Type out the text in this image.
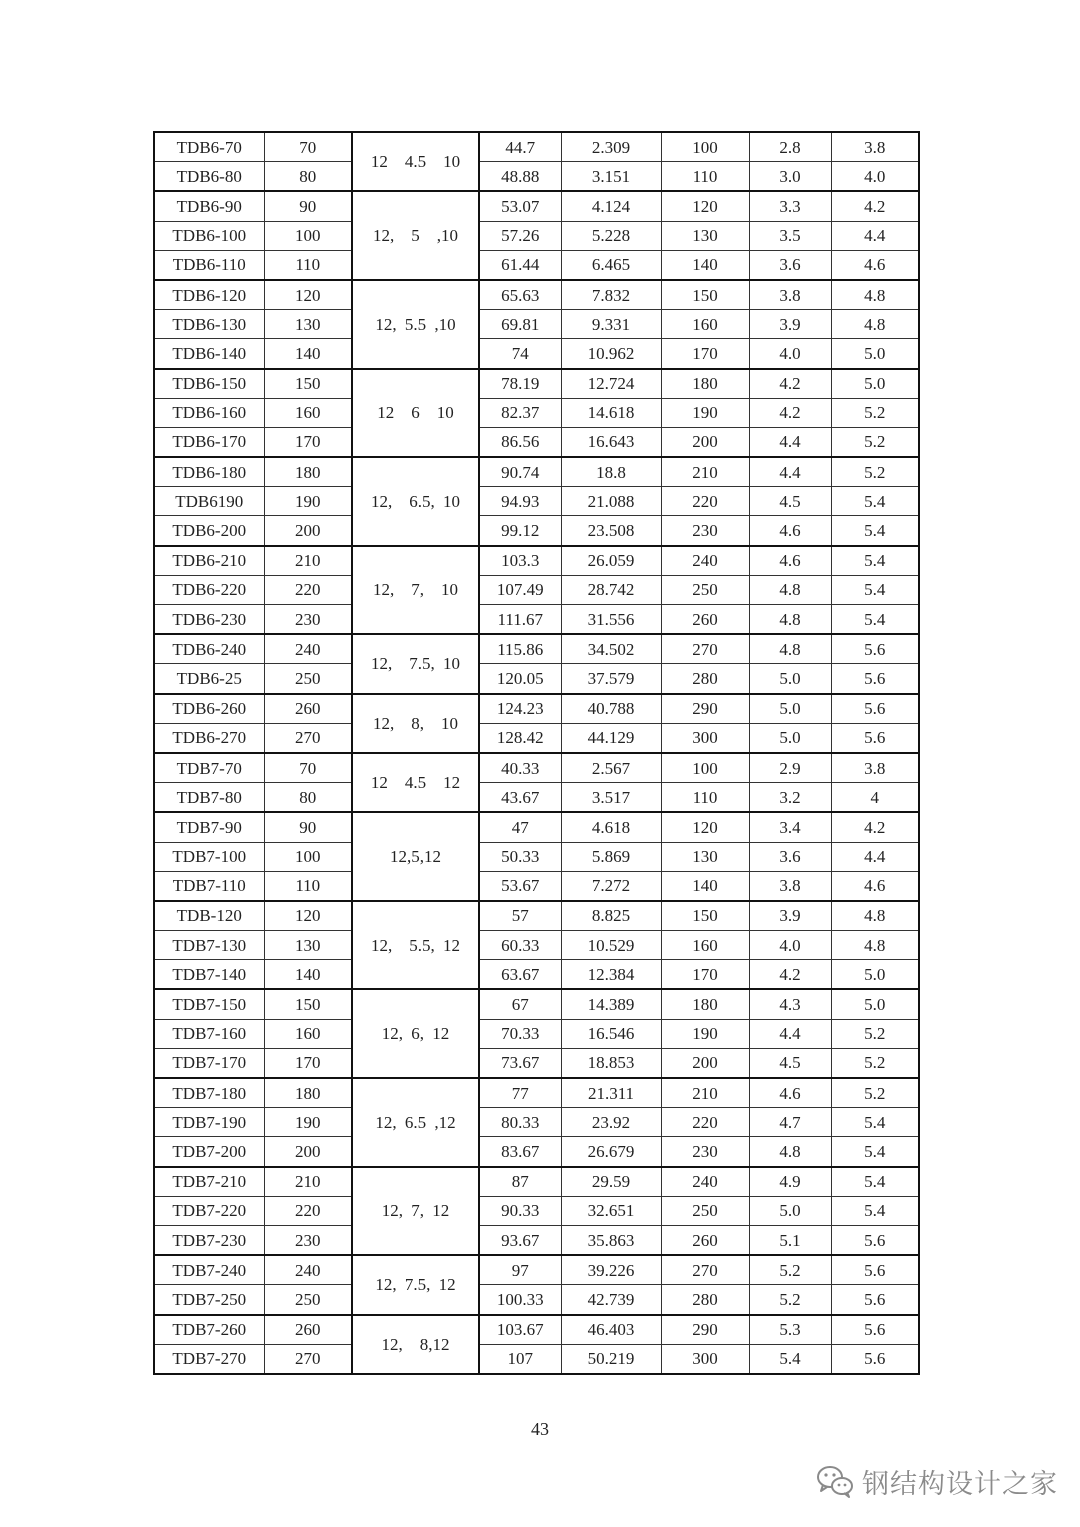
TDB6-70	70	12　4.5　10	44.7	2.309	100	2.8	3.8
TDB6-80	80		48.88	3.151	110	3.0	4.0
TDB6-90	90	12,　5　,10	53.07	4.124	120	3.3	4.2
TDB6-100	100		57.26	5.228	130	3.5	4.4
TDB6-110	110		61.44	6.465	140	3.6	4.6
TDB6-120	120	12, 5.5 ,10	65.63	7.832	150	3.8	4.8
TDB6-130	130		69.81	9.331	160	3.9	4.8
TDB6-140	140		74	10.962	170	4.0	5.0
TDB6-150	150	12　6　10	78.19	12.724	180	4.2	5.0
TDB6-160	160		82.37	14.618	190	4.2	5.2
TDB6-170	170		86.56	16.643	200	4.4	5.2
TDB6-180	180	12,　6.5, 10	90.74	18.8	210	4.4	5.2
TDB6190	190		94.93	21.088	220	4.5	5.4
TDB6-200	200		99.12	23.508	230	4.6	5.4
TDB6-210	210	12,　7,　10	103.3	26.059	240	4.6	5.4
TDB6-220	220		107.49	28.742	250	4.8	5.4
TDB6-230	230		111.67	31.556	260	4.8	5.4
TDB6-240	240	12,　7.5, 10	115.86	34.502	270	4.8	5.6
TDB6-25	250		120.05	37.579	280	5.0	5.6
TDB6-260	260	12,　8,　10	124.23	40.788	290	5.0	5.6
TDB6-270	270		128.42	44.129	300	5.0	5.6
TDB7-70	70	12　4.5　12	40.33	2.567	100	2.9	3.8
TDB7-80	80		43.67	3.517	110	3.2	4
TDB7-90	90	12,5,12	47	4.618	120	3.4	4.2
TDB7-100	100		50.33	5.869	130	3.6	4.4
TDB7-110	110		53.67	7.272	140	3.8	4.6
TDB-120	120	12,　5.5, 12	57	8.825	150	3.9	4.8
TDB7-130	130		60.33	10.529	160	4.0	4.8
TDB7-140	140		63.67	12.384	170	4.2	5.0
TDB7-150	150	12, 6, 12	67	14.389	180	4.3	5.0
TDB7-160	160		70.33	16.546	190	4.4	5.2
TDB7-170	170		73.67	18.853	200	4.5	5.2
TDB7-180	180	12, 6.5 ,12	77	21.311	210	4.6	5.2
TDB7-190	190		80.33	23.92	220	4.7	5.4
TDB7-200	200		83.67	26.679	230	4.8	5.4
TDB7-210	210	12, 7, 12	87	29.59	240	4.9	5.4
TDB7-220	220		90.33	32.651	250	5.0	5.4
TDB7-230	230		93.67	35.863	260	5.1	5.6
TDB7-240	240	12, 7.5, 12	97	39.226	270	5.2	5.6
TDB7-250	250		100.33	42.739	280	5.2	5.6
TDB7-260	260	12,　8,12	103.67	46.403	290	5.3	5.6
TDB7-270	270		107	50.219	300	5.4	5.6
43
钢结构设计之家
